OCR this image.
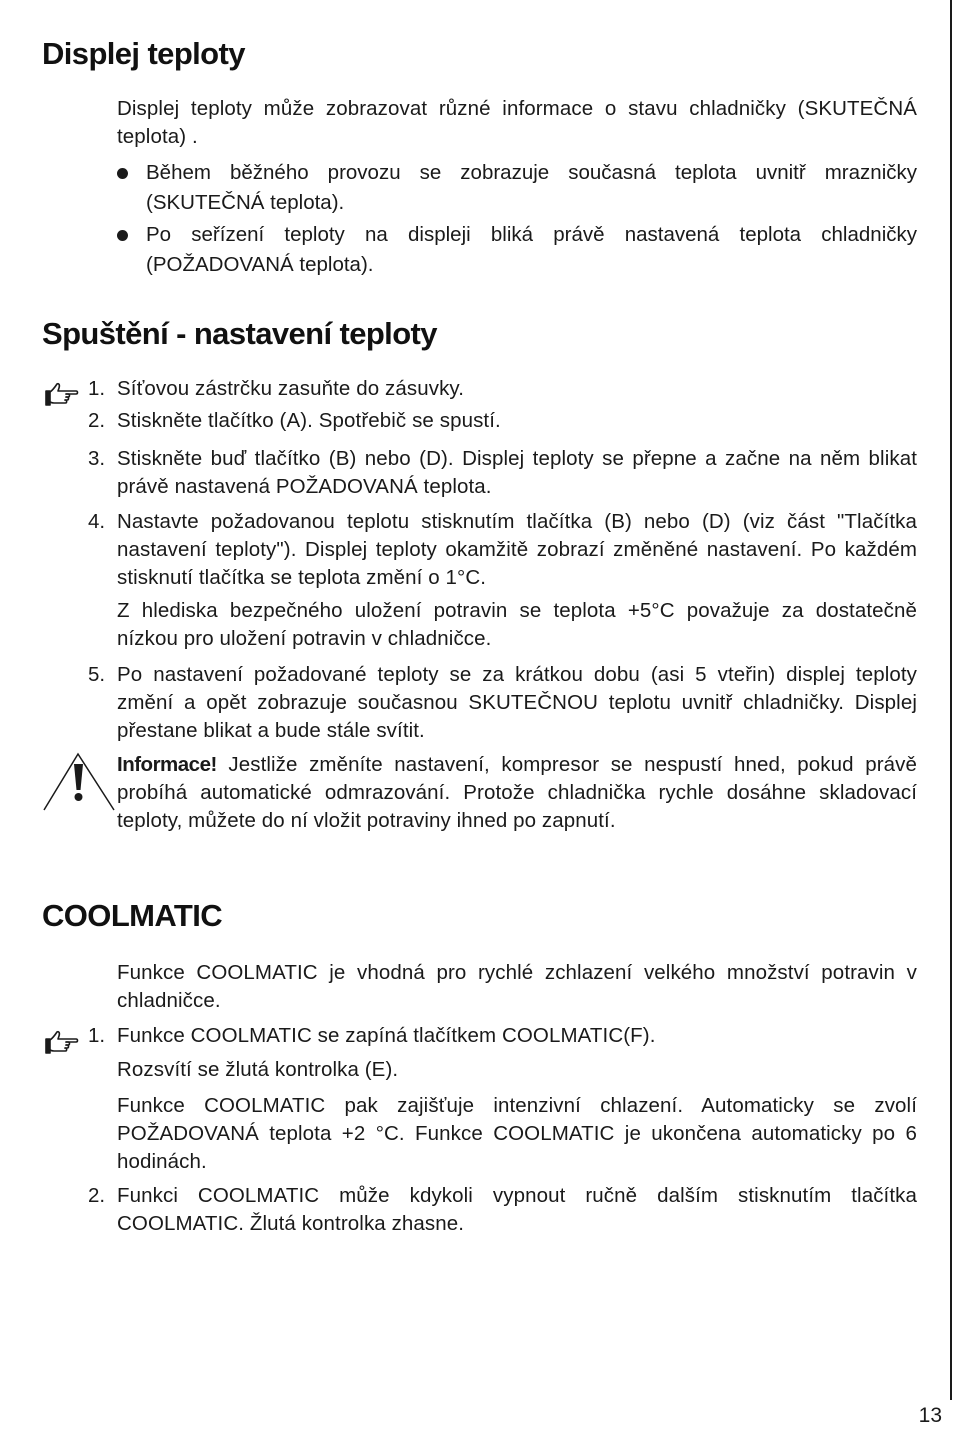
Displej teploty

Displej teploty může zobrazovat různé informace o stavu chladničky (SKUTEČNÁ teplota) .

Během běžného provozu se zobrazuje současná teplota uvnitř mrazničky (SKUTEČNÁ teplota).
Po seřízení teploty na displeji bliká právě nastavená teplota chladničky (POŽADOVANÁ teplota).
Spuštění - nastavení teploty
1. Síťovou zástrčku zasuňte do zásuvky.

2. Stiskněte tlačítko (A). Spotřebič se spustí.

3. Stiskněte buď tlačítko (B) nebo (D). Displej teploty se přepne a začne na něm blikat právě nastavená POŽADOVANÁ teplota.

4. Nastavte požadovanou teplotu stisknutím tlačítka (B) nebo (D) (viz část "Tlačítka nastavení teploty"). Displej teploty okamžitě zobrazí změněné nastavení. Po každém stisknutí tlačítka se teplota změní o 1°C.

Z hlediska bezpečného uložení potravin se teplota +5°C považuje za dostatečně nízkou pro uložení potravin v chladničce.

5. Po nastavení požadované teploty se za krátkou dobu (asi 5 vteřin) displej teploty změní a opět zobrazuje současnou SKUTEČNOU teplotu uvnitř chladničky. Displej přestane blikat a bude stále svítit.

Informace! Jestliže změníte nastavení, kompresor se nespustí hned, pokud právě probíhá automatické odmrazování. Protože chladnička rychle dosáhne skladovací teploty, můžete do ní vložit potraviny ihned po zapnutí.

COOLMATIC

Funkce COOLMATIC je vhodná pro rychlé zchlazení velkého množství potravin v chladničce.

1. Funkce COOLMATIC se zapíná tlačítkem COOLMATIC(F).

Rozsvítí se žlutá kontrolka (E).

Funkce COOLMATIC pak zajišťuje intenzivní chlazení. Automaticky se zvolí POŽADOVANÁ teplota +2 °C. Funkce COOLMATIC je ukončena automaticky po 6 hodinách.

2. Funkci COOLMATIC může kdykoli vypnout ručně dalším stisknutím tlačítka COOLMATIC. Žlutá kontrolka zhasne.

13
